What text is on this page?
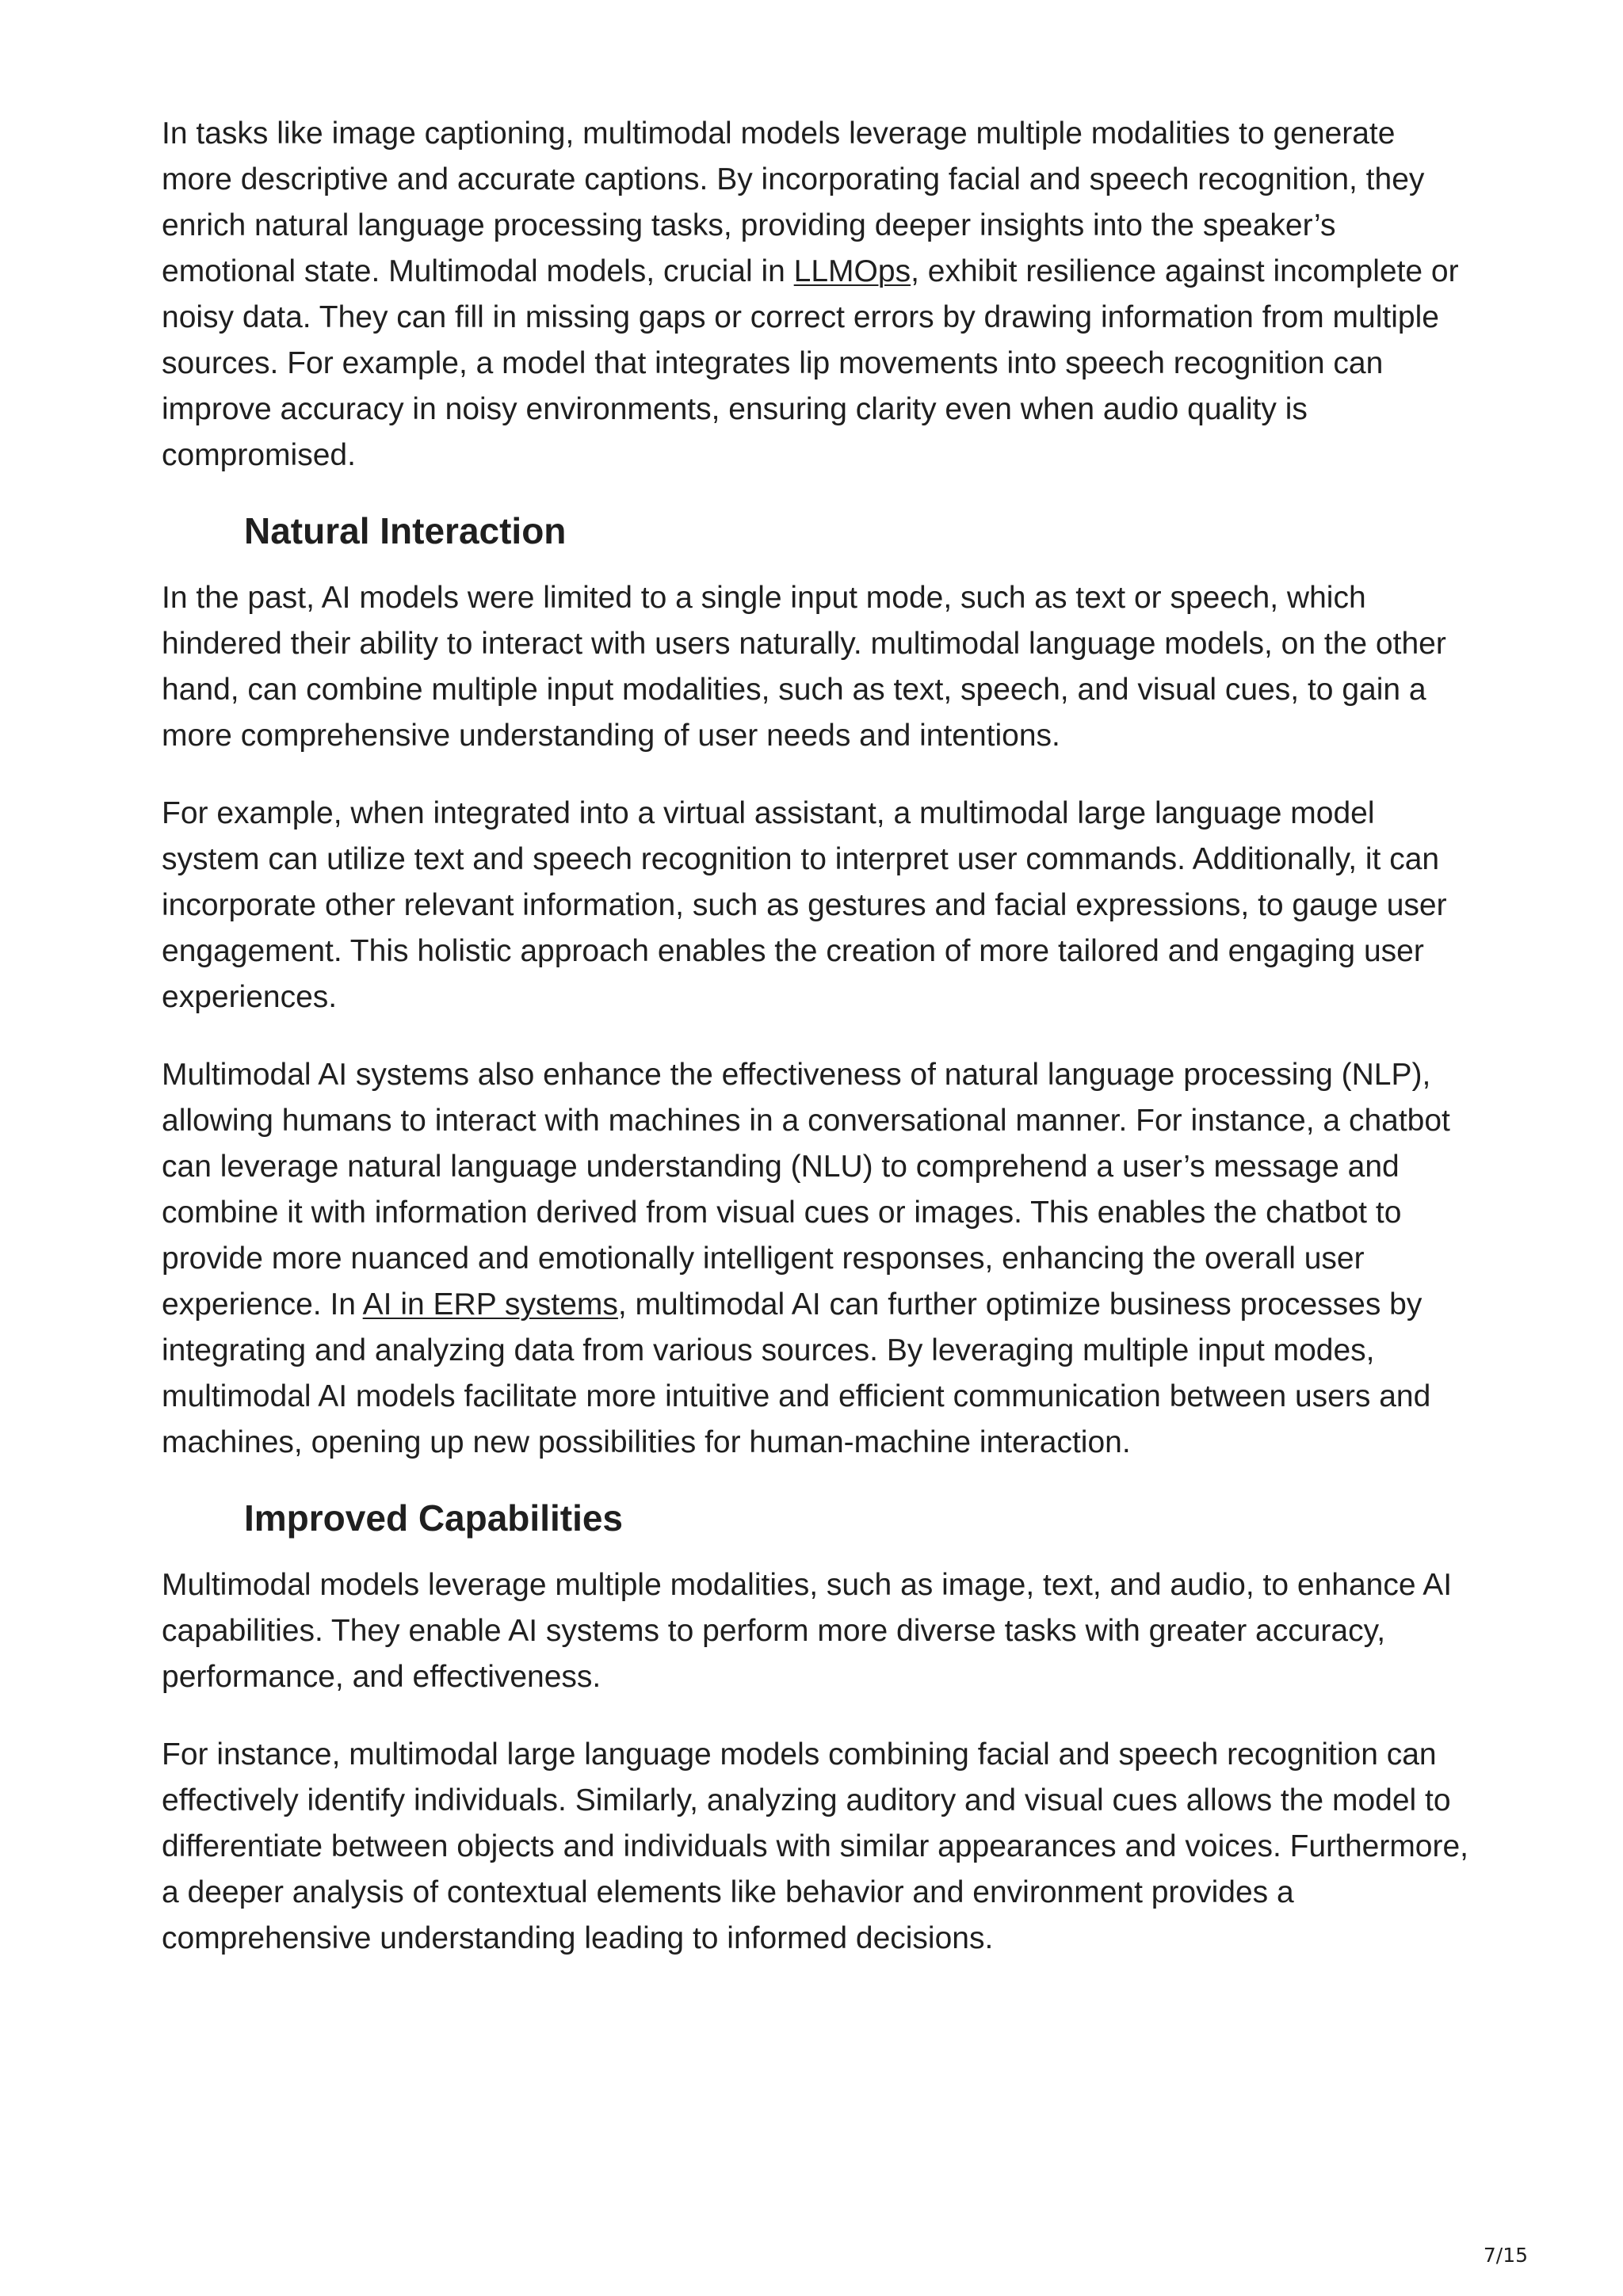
In tasks like image captioning, multimodal models leverage multiple modalities to generate more descriptive and accurate captions. By incorporating facial and speech recognition, they enrich natural language processing tasks, providing deeper insights into the speaker’s emotional state. Multimodal models, crucial in LLMOps, exhibit resilience against incomplete or noisy data. They can fill in missing gaps or correct errors by drawing information from multiple sources. For example, a model that integrates lip movements into speech recognition can improve accuracy in noisy environments, ensuring clarity even when audio quality is compromised.

Natural Interaction

In the past, AI models were limited to a single input mode, such as text or speech, which hindered their ability to interact with users naturally. multimodal language models, on the other hand, can combine multiple input modalities, such as text, speech, and visual cues, to gain a more comprehensive understanding of user needs and intentions.

For example, when integrated into a virtual assistant, a multimodal large language model system can utilize text and speech recognition to interpret user commands. Additionally, it can incorporate other relevant information, such as gestures and facial expressions, to gauge user engagement. This holistic approach enables the creation of more tailored and engaging user experiences.

Multimodal AI systems also enhance the effectiveness of natural language processing (NLP), allowing humans to interact with machines in a conversational manner. For instance, a chatbot can leverage natural language understanding (NLU) to comprehend a user’s message and combine it with information derived from visual cues or images. This enables the chatbot to provide more nuanced and emotionally intelligent responses, enhancing the overall user experience. In AI in ERP systems, multimodal AI can further optimize business processes by integrating and analyzing data from various sources. By leveraging multiple input modes, multimodal AI models facilitate more intuitive and efficient communication between users and machines, opening up new possibilities for human-machine interaction.

Improved Capabilities

Multimodal models leverage multiple modalities, such as image, text, and audio, to enhance AI capabilities. They enable AI systems to perform more diverse tasks with greater accuracy, performance, and effectiveness.

For instance, multimodal large language models combining facial and speech recognition can effectively identify individuals. Similarly, analyzing auditory and visual cues allows the model to differentiate between objects and individuals with similar appearances and voices. Furthermore, a deeper analysis of contextual elements like behavior and environment provides a comprehensive understanding leading to informed decisions.

7/15
